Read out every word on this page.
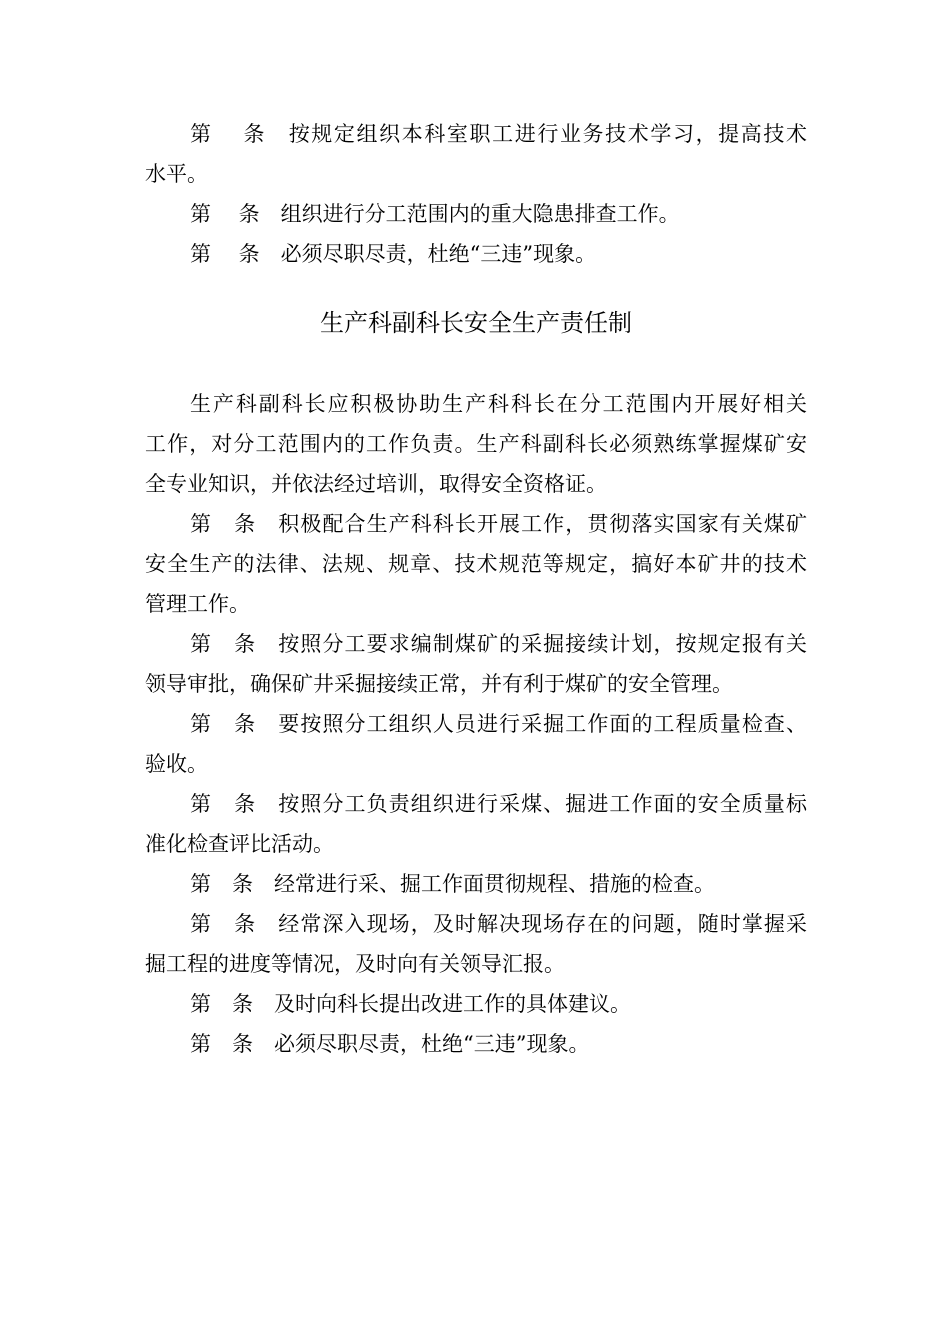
第　 条　按规定组织本科室职工进行业务技术学习，提高技术
水平。
第　 条　组织进行分工范围内的重大隐患排查工作。
第　 条　必须尽职尽责，杜绝“三违”现象。
生产科副科长安全生产责任制
生产科副科长应积极协助生产科科长在分工范围内开展好相关
工作，对分工范围内的工作负责。生产科副科长必须熟练掌握煤矿安
全专业知识，并依法经过培训，取得安全资格证。
第　条　积极配合生产科科长开展工作，贯彻落实国家有关煤矿
安全生产的法律、法规、规章、技术规范等规定，搞好本矿井的技术
管理工作。
第　条　按照分工要求编制煤矿的采掘接续计划，按规定报有关
领导审批，确保矿井采掘接续正常，并有利于煤矿的安全管理。
第　条　要按照分工组织人员进行采掘工作面的工程质量检查、
验收。
第　条　按照分工负责组织进行采煤、掘进工作面的安全质量标
准化检查评比活动。
第　条　经常进行采、掘工作面贯彻规程、措施的检查。
第　条　经常深入现场，及时解决现场存在的问题，随时掌握采
掘工程的进度等情况，及时向有关领导汇报。
第　条　及时向科长提出改进工作的具体建议。
第　条　必须尽职尽责，杜绝“三违”现象。
